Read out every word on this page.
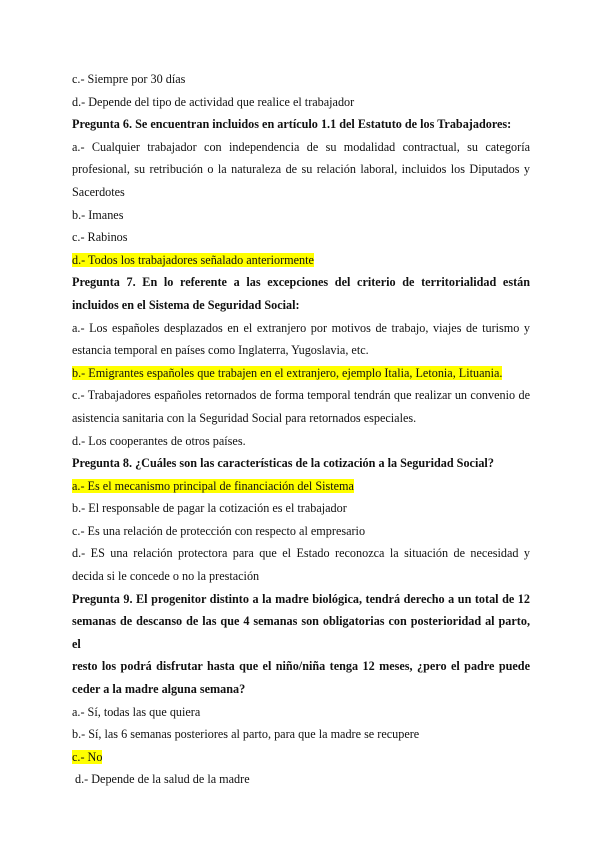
c.- Siempre por 30 días

d.- Depende del tipo de actividad que realice el trabajador

Pregunta 6. Se encuentran incluidos en artículo 1.1 del Estatuto de los Trabajadores:

a.- Cualquier trabajador con independencia de su modalidad contractual, su categoría

profesional, su retribución o la naturaleza de su relación laboral, incluidos los Diputados y

Sacerdotes

b.- Imanes

c.- Rabinos

d.- Todos los trabajadores señalado anteriormente

Pregunta 7. En lo referente a las excepciones del criterio de territorialidad están

incluidos en el Sistema de Seguridad Social:

a.- Los españoles desplazados en el extranjero por motivos de trabajo, viajes de turismo y

estancia temporal en países como Inglaterra, Yugoslavia, etc.

b.- Emigrantes españoles que trabajen en el extranjero, ejemplo Italia, Letonia, Lituania.

c.- Trabajadores españoles retornados de forma temporal tendrán que realizar un convenio de

asistencia sanitaria con la Seguridad Social para retornados especiales.

d.- Los cooperantes de otros países.

Pregunta 8. ¿Cuáles son las características de la cotización a la Seguridad Social?

a.- Es el mecanismo principal de financiación del Sistema

b.- El responsable de pagar la cotización es el trabajador

c.- Es una relación de protección con respecto al empresario

d.- ES una relación protectora para que el Estado reconozca la situación de necesidad y

decida si le concede o no la prestación

Pregunta 9. El progenitor distinto a la madre biológica, tendrá derecho a un total de 12

semanas de descanso de las que 4 semanas son obligatorias con posterioridad al parto, el

resto los podrá disfrutar hasta que el niño/niña tenga 12 meses, ¿pero el padre puede

ceder a la madre alguna semana?

a.- Sí, todas las que quiera

b.- Sí, las 6 semanas posteriores al parto, para que la madre se recupere

c.- No

d.- Depende de la salud de la madre
